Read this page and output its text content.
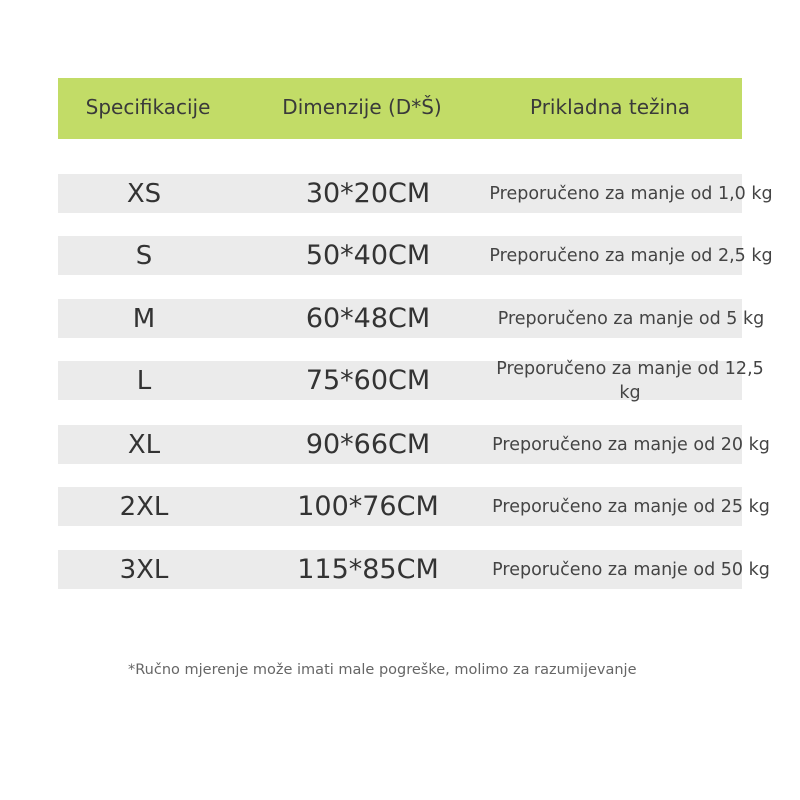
Specifikacije	Dimenzije (D*Š)	Prikladna težina
XS	30*20CM	Preporučeno za manje od 1,0 kg
S	50*40CM	Preporučeno za manje od 2,5 kg
M	60*48CM	Preporučeno za manje od 5 kg
L	75*60CM	Preporučeno za manje od 12,5 kg
XL	90*66CM	Preporučeno za manje od 20 kg
2XL	100*76CM	Preporučeno za manje od 25 kg
3XL	115*85CM	Preporučeno za manje od 50 kg
*Ručno mjerenje može imati male pogreške, molimo za razumijevanje
